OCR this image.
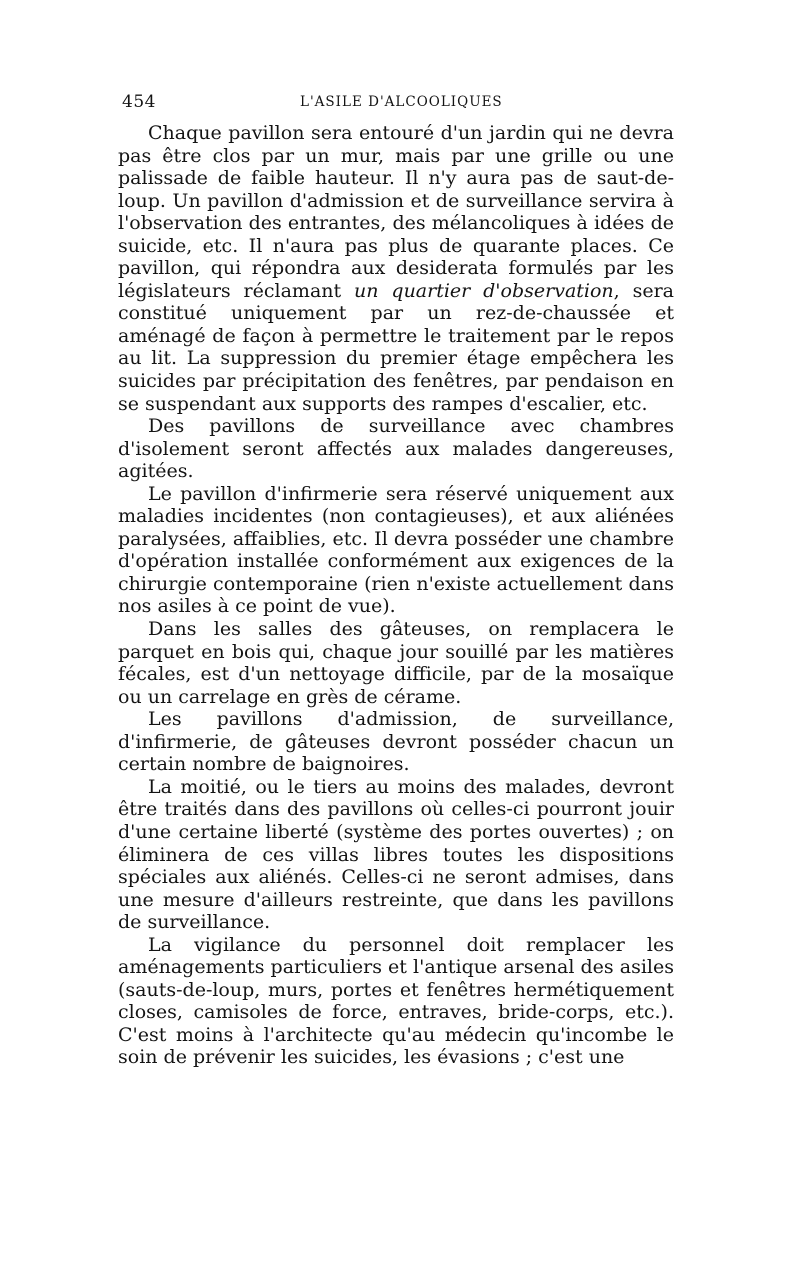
454	L'ASILE D'ALCOOLIQUES

Chaque pavillon sera entouré d'un jardin qui ne devra pas être clos par un mur, mais par une grille ou une palissade de faible hauteur. Il n'y aura pas de saut-de-loup. Un pavillon d'admission et de surveillance servira à l'observation des entrantes, des mélancoliques à idées de suicide, etc. Il n'aura pas plus de quarante places. Ce pavillon, qui répondra aux desiderata formulés par les législateurs réclamant un quartier d'observation, sera constitué uniquement par un rez-de-chaussée et aménagé de façon à permettre le traitement par le repos au lit. La suppression du premier étage empêchera les suicides par précipitation des fenêtres, par pendaison en se suspendant aux supports des rampes d'escalier, etc.

Des pavillons de surveillance avec chambres d'isolement seront affectés aux malades dangereuses, agitées.

Le pavillon d'infirmerie sera réservé uniquement aux maladies incidentes (non contagieuses), et aux aliénées paralysées, affaiblies, etc. Il devra posséder une chambre d'opération installée conformément aux exigences de la chirurgie contemporaine (rien n'existe actuellement dans nos asiles à ce point de vue).

Dans les salles des gâteuses, on remplacera le parquet en bois qui, chaque jour souillé par les matières fécales, est d'un nettoyage difficile, par de la mosaïque ou un carrelage en grès de cérame.

Les pavillons d'admission, de surveillance, d'infirmerie, de gâteuses devront posséder chacun un certain nombre de baignoires.

La moitié, ou le tiers au moins des malades, devront être traités dans des pavillons où celles-ci pourront jouir d'une certaine liberté (système des portes ouvertes) ; on éliminera de ces villas libres toutes les dispositions spéciales aux aliénés. Celles-ci ne seront admises, dans une mesure d'ailleurs restreinte, que dans les pavillons de surveillance.

La vigilance du personnel doit remplacer les aménagements particuliers et l'antique arsenal des asiles (sauts-de-loup, murs, portes et fenêtres hermétiquement closes, camisoles de force, entraves, bride-corps, etc.). C'est moins à l'architecte qu'au médecin qu'incombe le soin de prévenir les suicides, les évasions ; c'est une
